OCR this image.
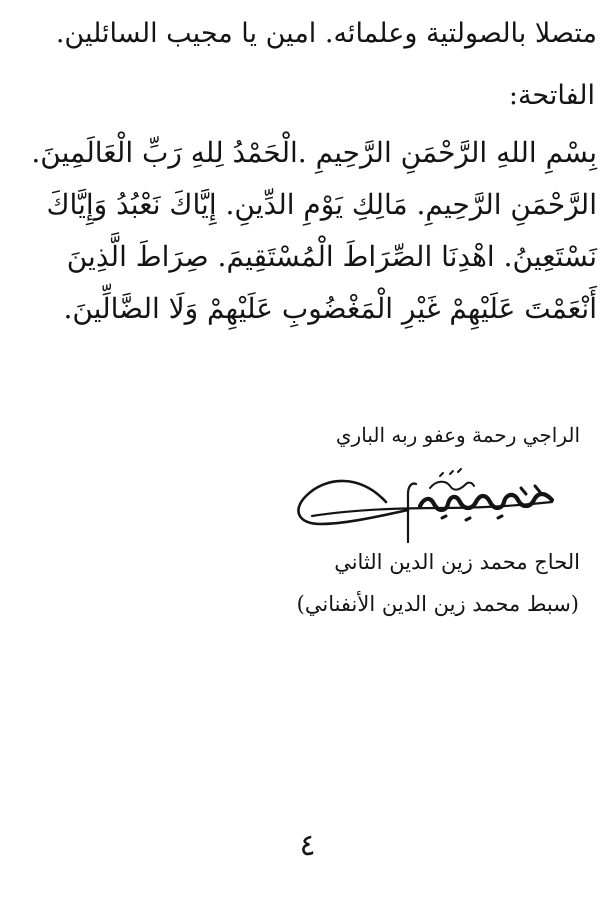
متصلا بالصولتية وعلمائه. امين يا مجيب السائلين.
الفاتحة:
بِسْمِ اللهِ الرَّحْمَنِ الرَّحِيمِ .الْحَمْدُ لِلهِ رَبِّ الْعَالَمِينَ.
الرَّحْمَنِ الرَّحِيمِ. مَالِكِ يَوْمِ الدِّينِ. إِيَّاكَ نَعْبُدُ وَإِيَّاكَ
نَسْتَعِينُ. اهْدِنَا الصِّرَاطَ الْمُسْتَقِيمَ. صِرَاطَ الَّذِينَ
أَنْعَمْتَ عَلَيْهِمْ غَيْرِ الْمَغْضُوبِ عَلَيْهِمْ وَلَا الضَّالِّينَ.
الراجي رحمة وعفو ربه الباري
الحاج محمد زين الدين الثاني
(سبط محمد زين الدين الأنفناني)
٤
